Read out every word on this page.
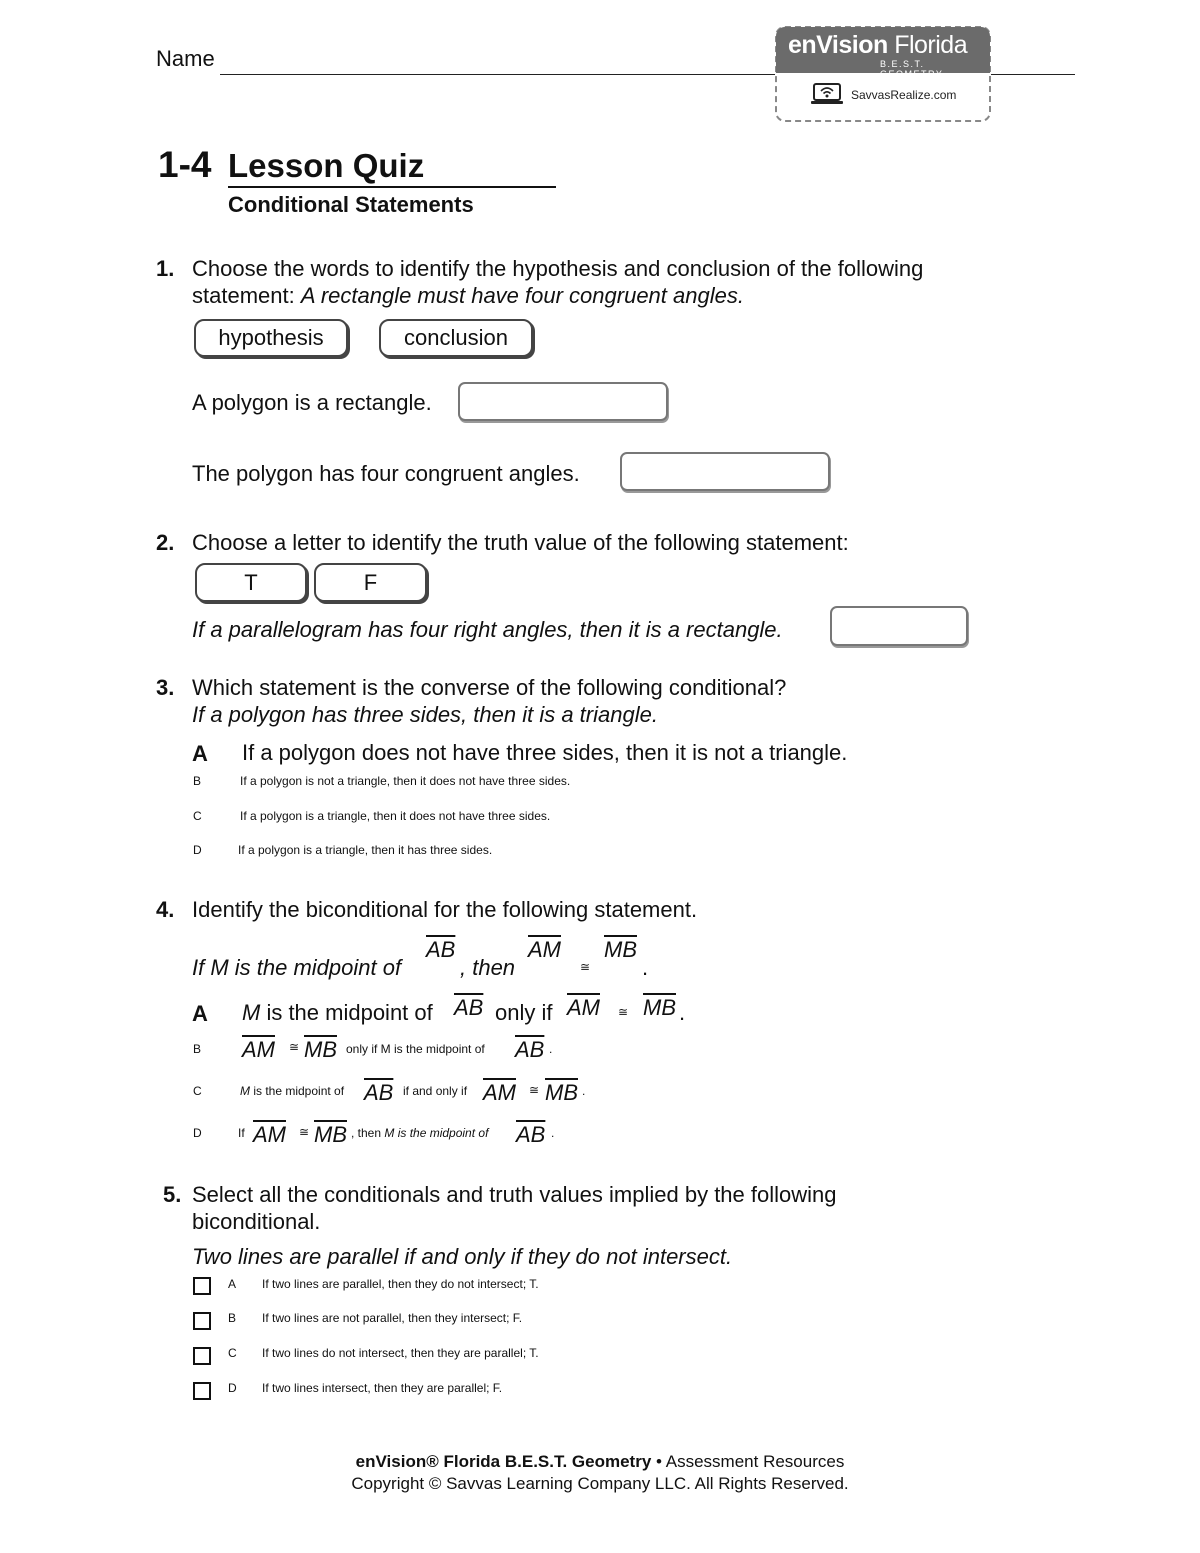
Name	enVision Florida
B.E.S.T. GEOMETRY
SavvasRealize.com
1-4 Lesson Quiz
Conditional Statements
1. Choose the words to identify the hypothesis and conclusion of the following
statement: A rectangle must have four congruent angles.
hypothesis	conclusion
A polygon is a rectangle.
The polygon has four congruent angles.
2. Choose a letter to identify the truth value of the following statement:
T	F
If a parallelogram has four right angles, then it is a rectangle.
3. Which statement is the converse of the following conditional?
If a polygon has three sides, then it is a triangle.
A If a polygon does not have three sides, then it is not a triangle.
B	If a polygon is not a triangle, then it does not have three sides.
C	If a polygon is a triangle, then it does not have three sides.
D	If a polygon is a triangle, then it has three sides.
4. Identify the biconditional for the following statement.
If M is the midpoint of
$\overline{AB}$
, then
$\overline{AM}$
≅
$\overline{MB}$
.
A M is the midpoint of $\overline{AB}$ only if $\overline{AM}$ ≅ $\overline{MB}$ .
B $\overline{AM}$ ≅ $\overline{MB}$ only if M is the midpoint of $\overline{AB}$ .
C	M is the midpoint of $\overline{AB}$ if and only if $\overline{AM}$ ≅ $\overline{MB}$ .
D	If $\overline{AM}$ ≅ $\overline{MB}$ , then M is the midpoint of $\overline{AB}$ .
5. Select all the conditionals and truth values implied by the following
biconditional.
Two lines are parallel if and only if they do not intersect.
A If two lines are parallel, then they do not intersect; T.
B If two lines are not parallel, then they intersect; F.
C If two lines do not intersect, then they are parallel; T.
D If two lines intersect, then they are parallel; F.
enVision® Florida B.E.S.T. Geometry • Assessment Resources
Copyright © Savvas Learning Company LLC. All Rights Reserved.
